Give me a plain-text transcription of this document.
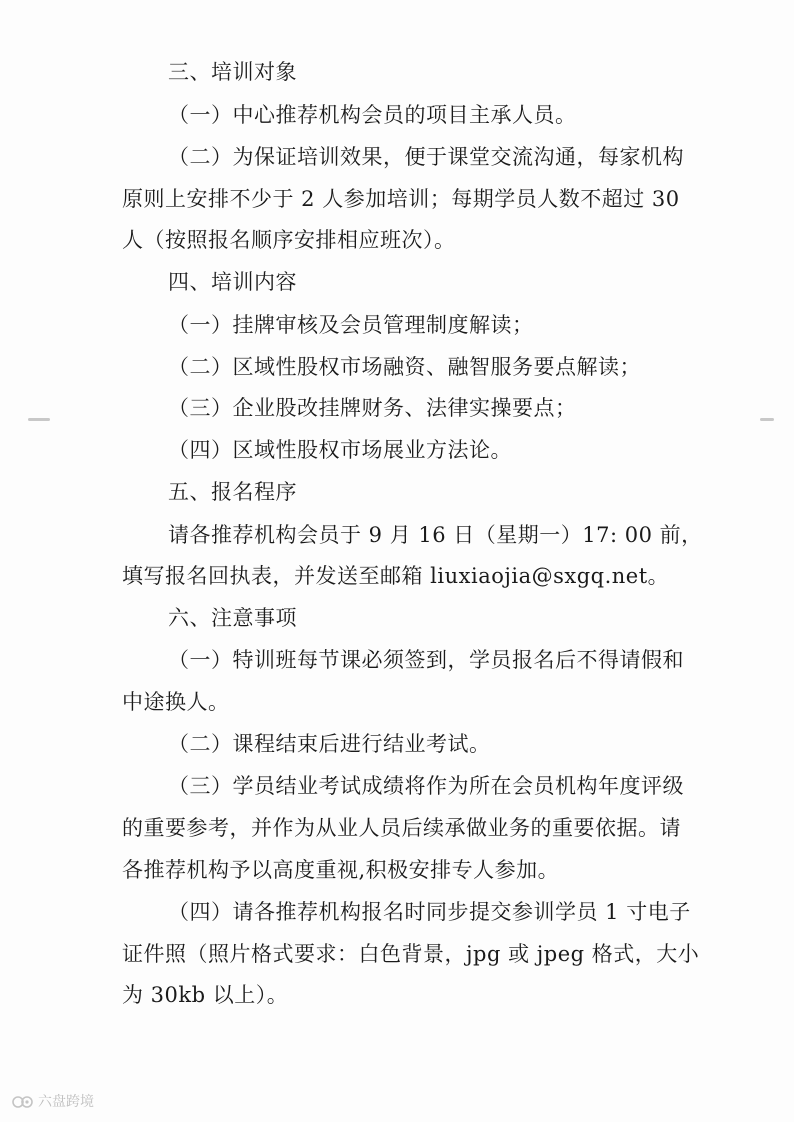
三、培训对象
（一）中心推荐机构会员的项目主承人员。
（二）为保证培训效果，便于课堂交流沟通，每家机构
原则上安排不少于 2 人参加培训；每期学员人数不超过 30
人（按照报名顺序安排相应班次）。
四、培训内容
（一）挂牌审核及会员管理制度解读；
（二）区域性股权市场融资、融智服务要点解读；
（三）企业股改挂牌财务、法律实操要点；
（四）区域性股权市场展业方法论。
五、报名程序
请各推荐机构会员于 9 月 16 日（星期一）17: 00 前，
填写报名回执表，并发送至邮箱 liuxiaojia@sxgq.net。
六、注意事项
（一）特训班每节课必须签到，学员报名后不得请假和
中途换人。
（二）课程结束后进行结业考试。
（三）学员结业考试成绩将作为所在会员机构年度评级
的重要参考，并作为从业人员后续承做业务的重要依据。请
各推荐机构予以高度重视,积极安排专人参加。
（四）请各推荐机构报名时同步提交参训学员 1 寸电子
证件照（照片格式要求：白色背景，jpg 或 jpeg 格式，大小
为 30kb 以上）。
六盘跨境
